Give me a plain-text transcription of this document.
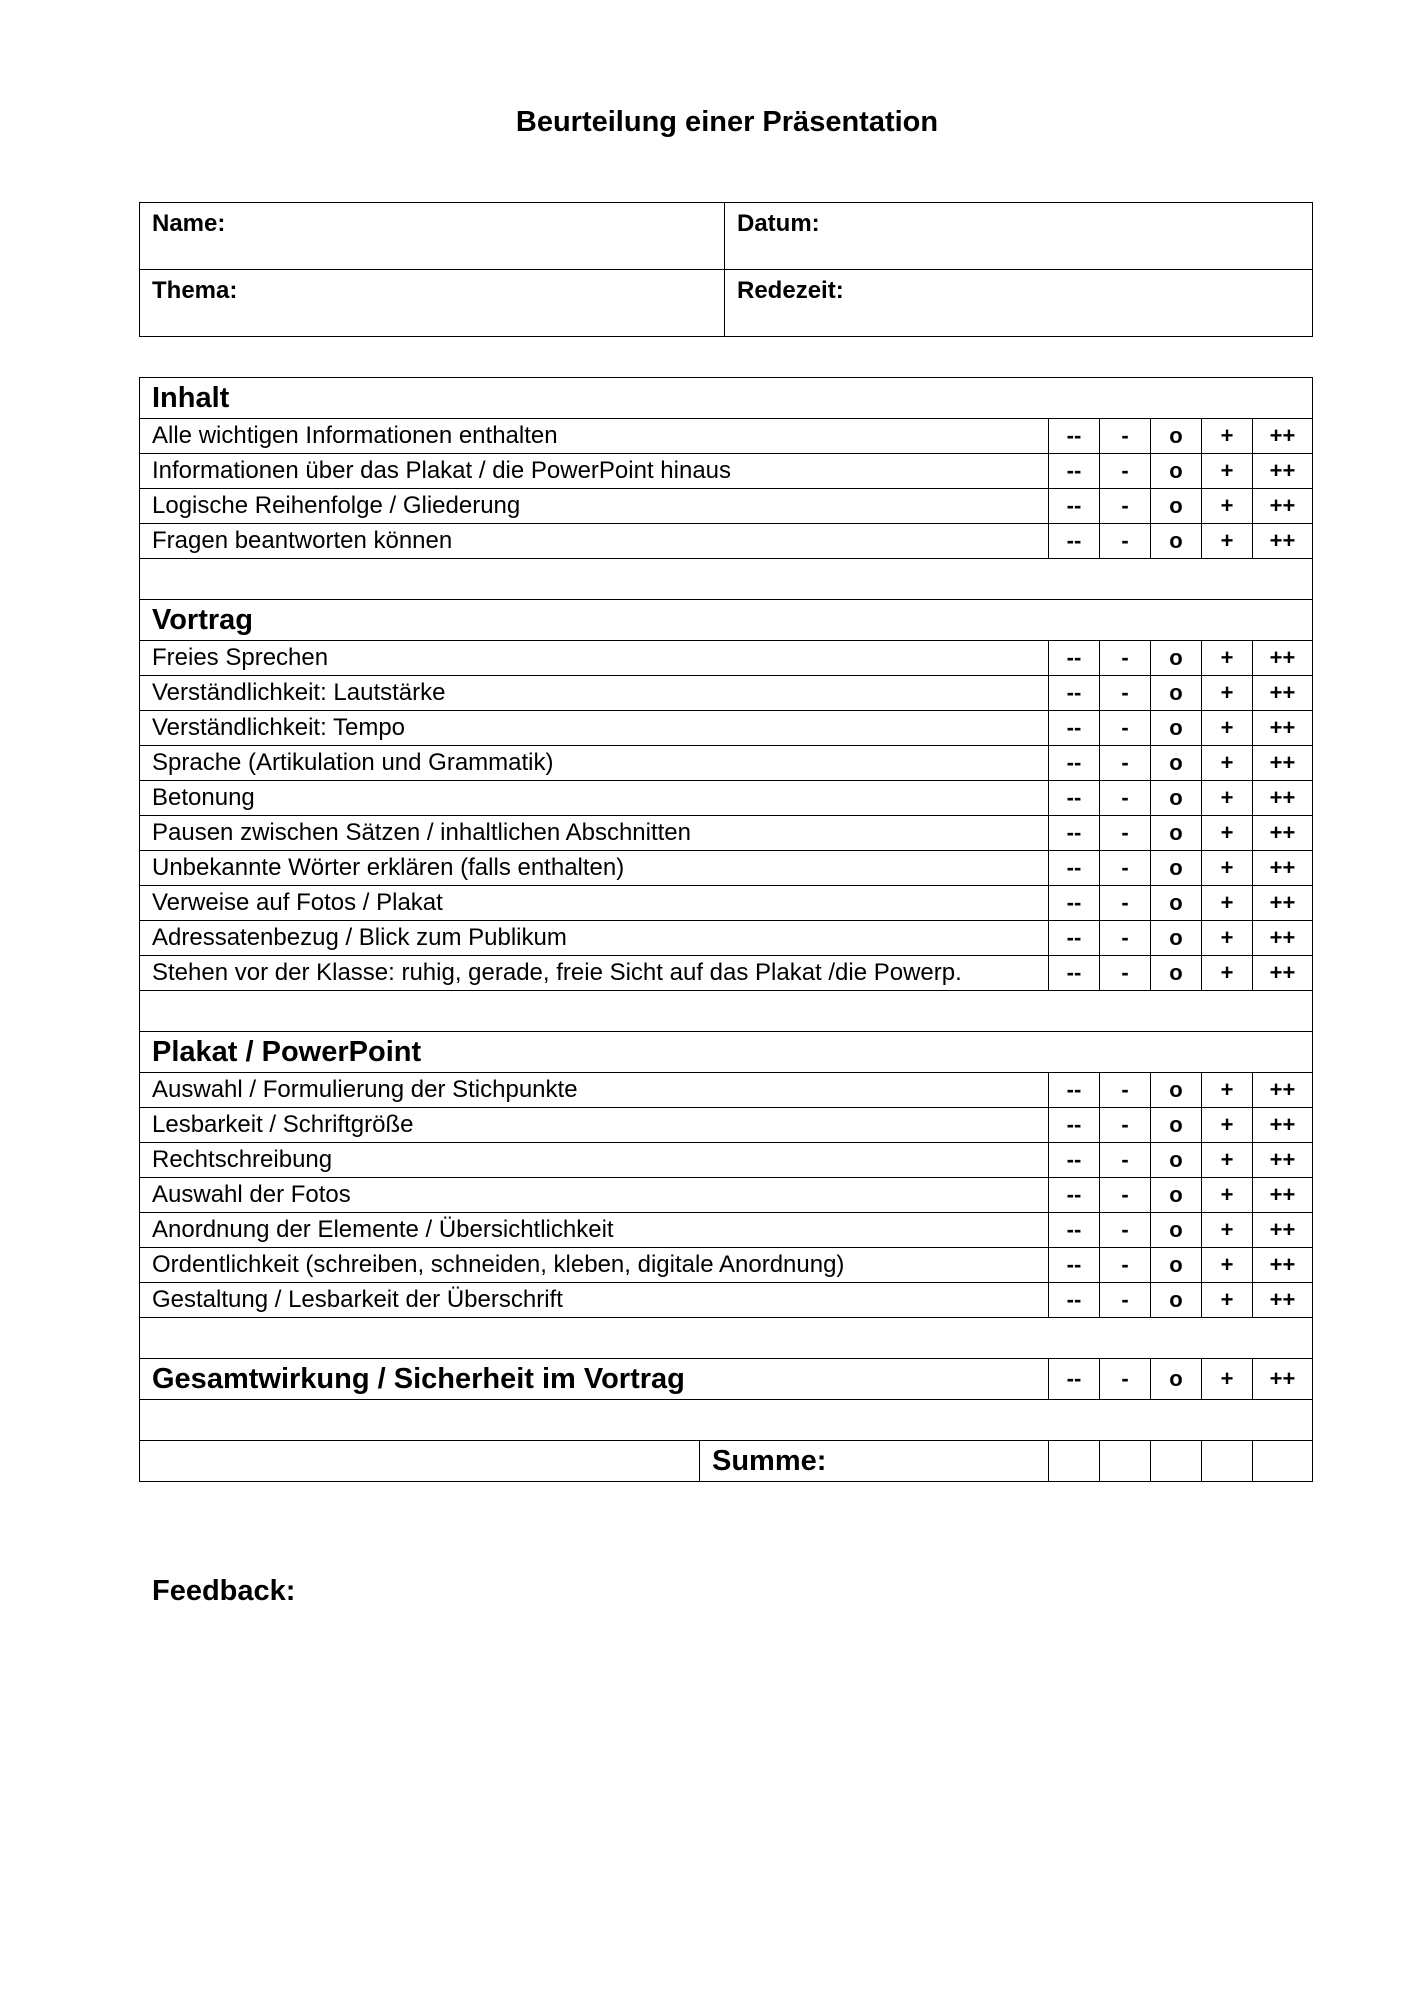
Beurteilung einer Präsentation
Name:	Datum:
Thema:	Redezeit:
Inhalt						
Alle wichtigen Informationen enthalten		--	-	o	+	++
Informationen über das Plakat / die PowerPoint hinaus		--	-	o	+	++
Logische Reihenfolge / Gliederung		--	-	o	+	++
Fragen beantworten können		--	-	o	+	++

Vortrag						
Freies Sprechen		--	-	o	+	++
Verständlichkeit: Lautstärke		--	-	o	+	++
Verständlichkeit: Tempo		--	-	o	+	++
Sprache (Artikulation und Grammatik)		--	-	o	+	++
Betonung		--	-	o	+	++
Pausen zwischen Sätzen / inhaltlichen Abschnitten		--	-	o	+	++
Unbekannte Wörter erklären (falls enthalten)		--	-	o	+	++
Verweise auf Fotos / Plakat		--	-	o	+	++
Adressatenbezug / Blick zum Publikum		--	-	o	+	++
Stehen vor der Klasse: ruhig, gerade, freie Sicht auf das Plakat /die Powerp.		--	-	o	+	++

Plakat / PowerPoint						
Auswahl / Formulierung der Stichpunkte		--	-	o	+	++
Lesbarkeit / Schriftgröße		--	-	o	+	++
Rechtschreibung		--	-	o	+	++
Auswahl der Fotos		--	-	o	+	++
Anordnung der Elemente / Übersichtlichkeit		--	-	o	+	++
Ordentlichkeit (schreiben, schneiden, kleben, digitale Anordnung)		--	-	o	+	++
Gestaltung / Lesbarkeit der Überschrift		--	-	o	+	++

Gesamtwirkung / Sicherheit im Vortrag		--	-	o	+	++

	Summe:					
Feedback:
